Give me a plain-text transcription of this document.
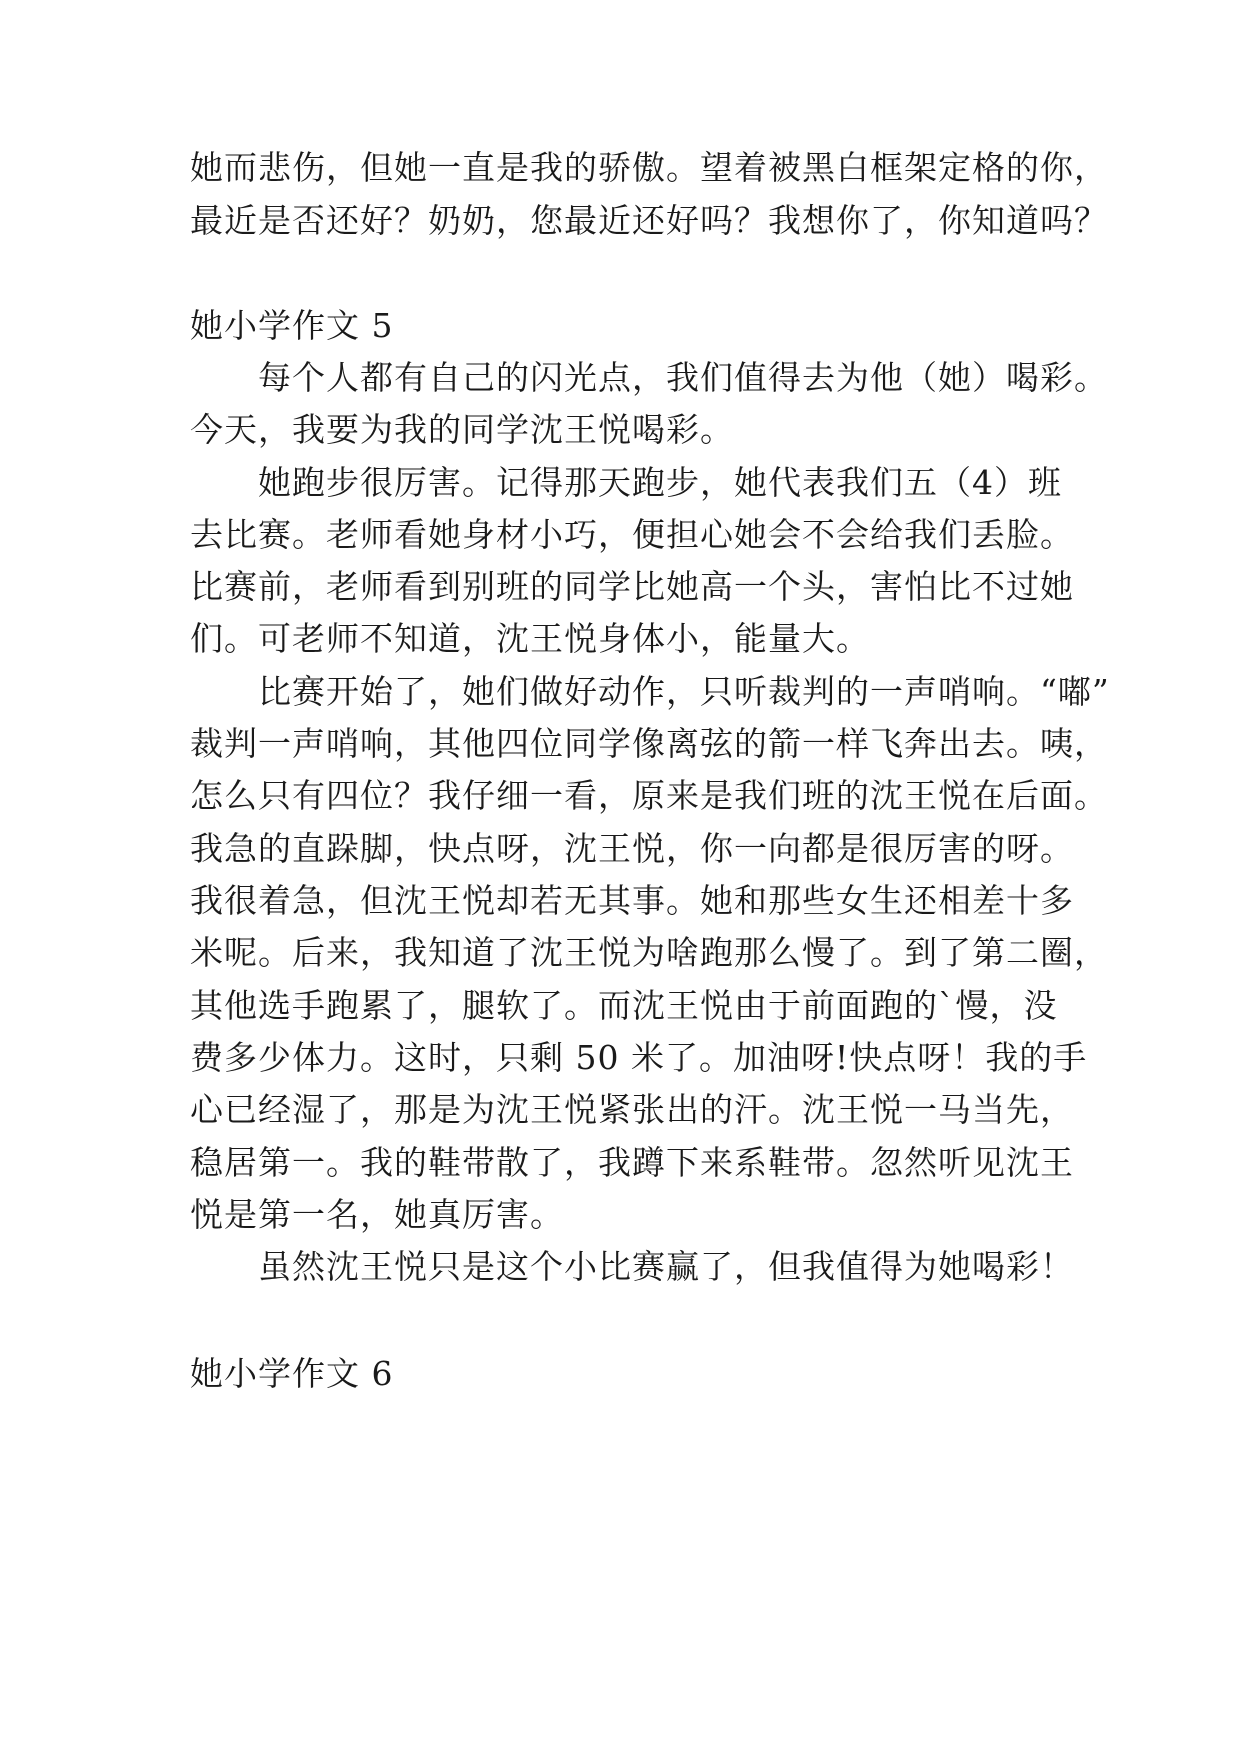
她而悲伤，但她一直是我的骄傲。望着被黑白框架定格的你，
最近是否还好？奶奶，您最近还好吗？我想你了，你知道吗？
她小学作文 5
每个人都有自己的闪光点，我们值得去为他（她）喝彩。
今天，我要为我的同学沈王悦喝彩。
她跑步很厉害。记得那天跑步，她代表我们五（4）班
去比赛。老师看她身材小巧，便担心她会不会给我们丢脸。
比赛前，老师看到别班的同学比她高一个头，害怕比不过她
们。可老师不知道，沈王悦身体小，能量大。
比赛开始了，她们做好动作，只听裁判的一声哨响。“嘟”
裁判一声哨响，其他四位同学像离弦的箭一样飞奔出去。咦，
怎么只有四位？我仔细一看，原来是我们班的沈王悦在后面。
我急的直跺脚，快点呀，沈王悦，你一向都是很厉害的呀。
我很着急，但沈王悦却若无其事。她和那些女生还相差十多
米呢。后来，我知道了沈王悦为啥跑那么慢了。到了第二圈，
其他选手跑累了，腿软了。而沈王悦由于前面跑的`慢，没
费多少体力。这时，只剩 50 米了。加油呀!快点呀！我的手
心已经湿了，那是为沈王悦紧张出的汗。沈王悦一马当先，
稳居第一。我的鞋带散了，我蹲下来系鞋带。忽然听见沈王
悦是第一名，她真厉害。
虽然沈王悦只是这个小比赛赢了，但我值得为她喝彩！
她小学作文 6
